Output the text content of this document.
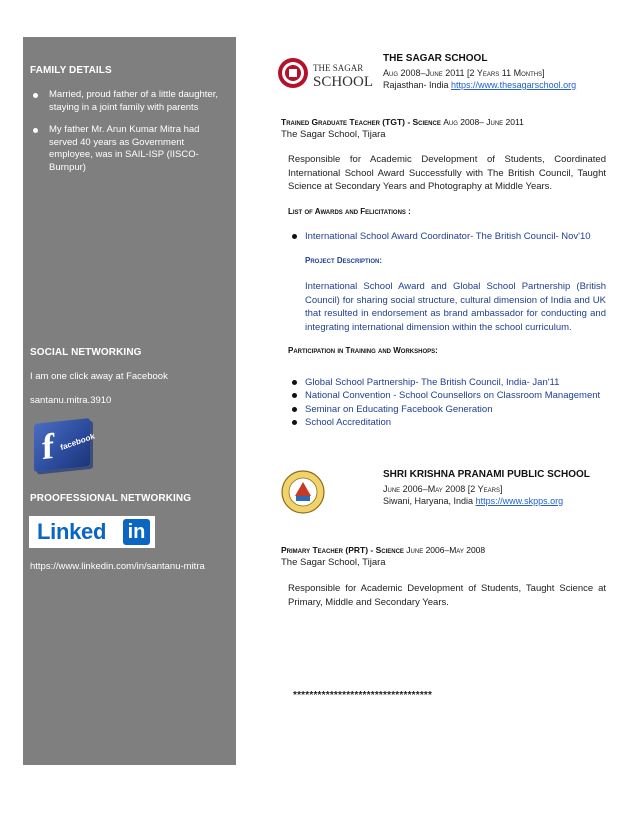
FAMILY DETAILS
Married, proud father of a little daughter, staying in a joint family with parents
My father Mr. Arun Kumar Mitra had served 40 years as Government employee, was in SAIL-ISP (IISCO- Burnpur)
SOCIAL NETWORKING
I am one click away at Facebook
santanu.mitra.3910
f facebook
PROOFESSIONAL NETWORKING
Linked in
https://www.linkedin.com/in/santanu-mitra
THE SAGAR
SCHOOL
THE SAGAR SCHOOL
Aug 2008–June 2011 [2 Years 11 Months]
Rajasthan- India https://www.thesagarschool.org
Trained Graduate Teacher (TGT) - Science Aug 2008– June 2011
The Sagar School, Tijara
Responsible for Academic Development of Students, Coordinated International School Award Successfully with The British Council, Taught Science at Secondary Years and Photography at Middle Years.
List of Awards and Felicitations :
International School Award Coordinator- The British Council- Nov'10
Project Description:
International School Award and Global School Partnership (British Council) for sharing social structure, cultural dimension of India and UK that resulted in endorsement as brand ambassador for conducting and integrating international dimension within the school curriculum.
Participation in Training and Workshops:
Global School Partnership- The British Council, India- Jan'11
National Convention - School Counsellors on Classroom Management
Seminar on Educating Facebook Generation
School Accreditation
SHRI KRISHNA PRANAMI PUBLIC SCHOOL
June 2006–May 2008 [2 Years]
Siwani, Haryana, India https://www.skpps.org
Primary Teacher (PRT) - Science June 2006–May 2008
The Sagar School, Tijara
Responsible for Academic Development of Students, Taught Science at Primary, Middle and Secondary Years.
**********************************
